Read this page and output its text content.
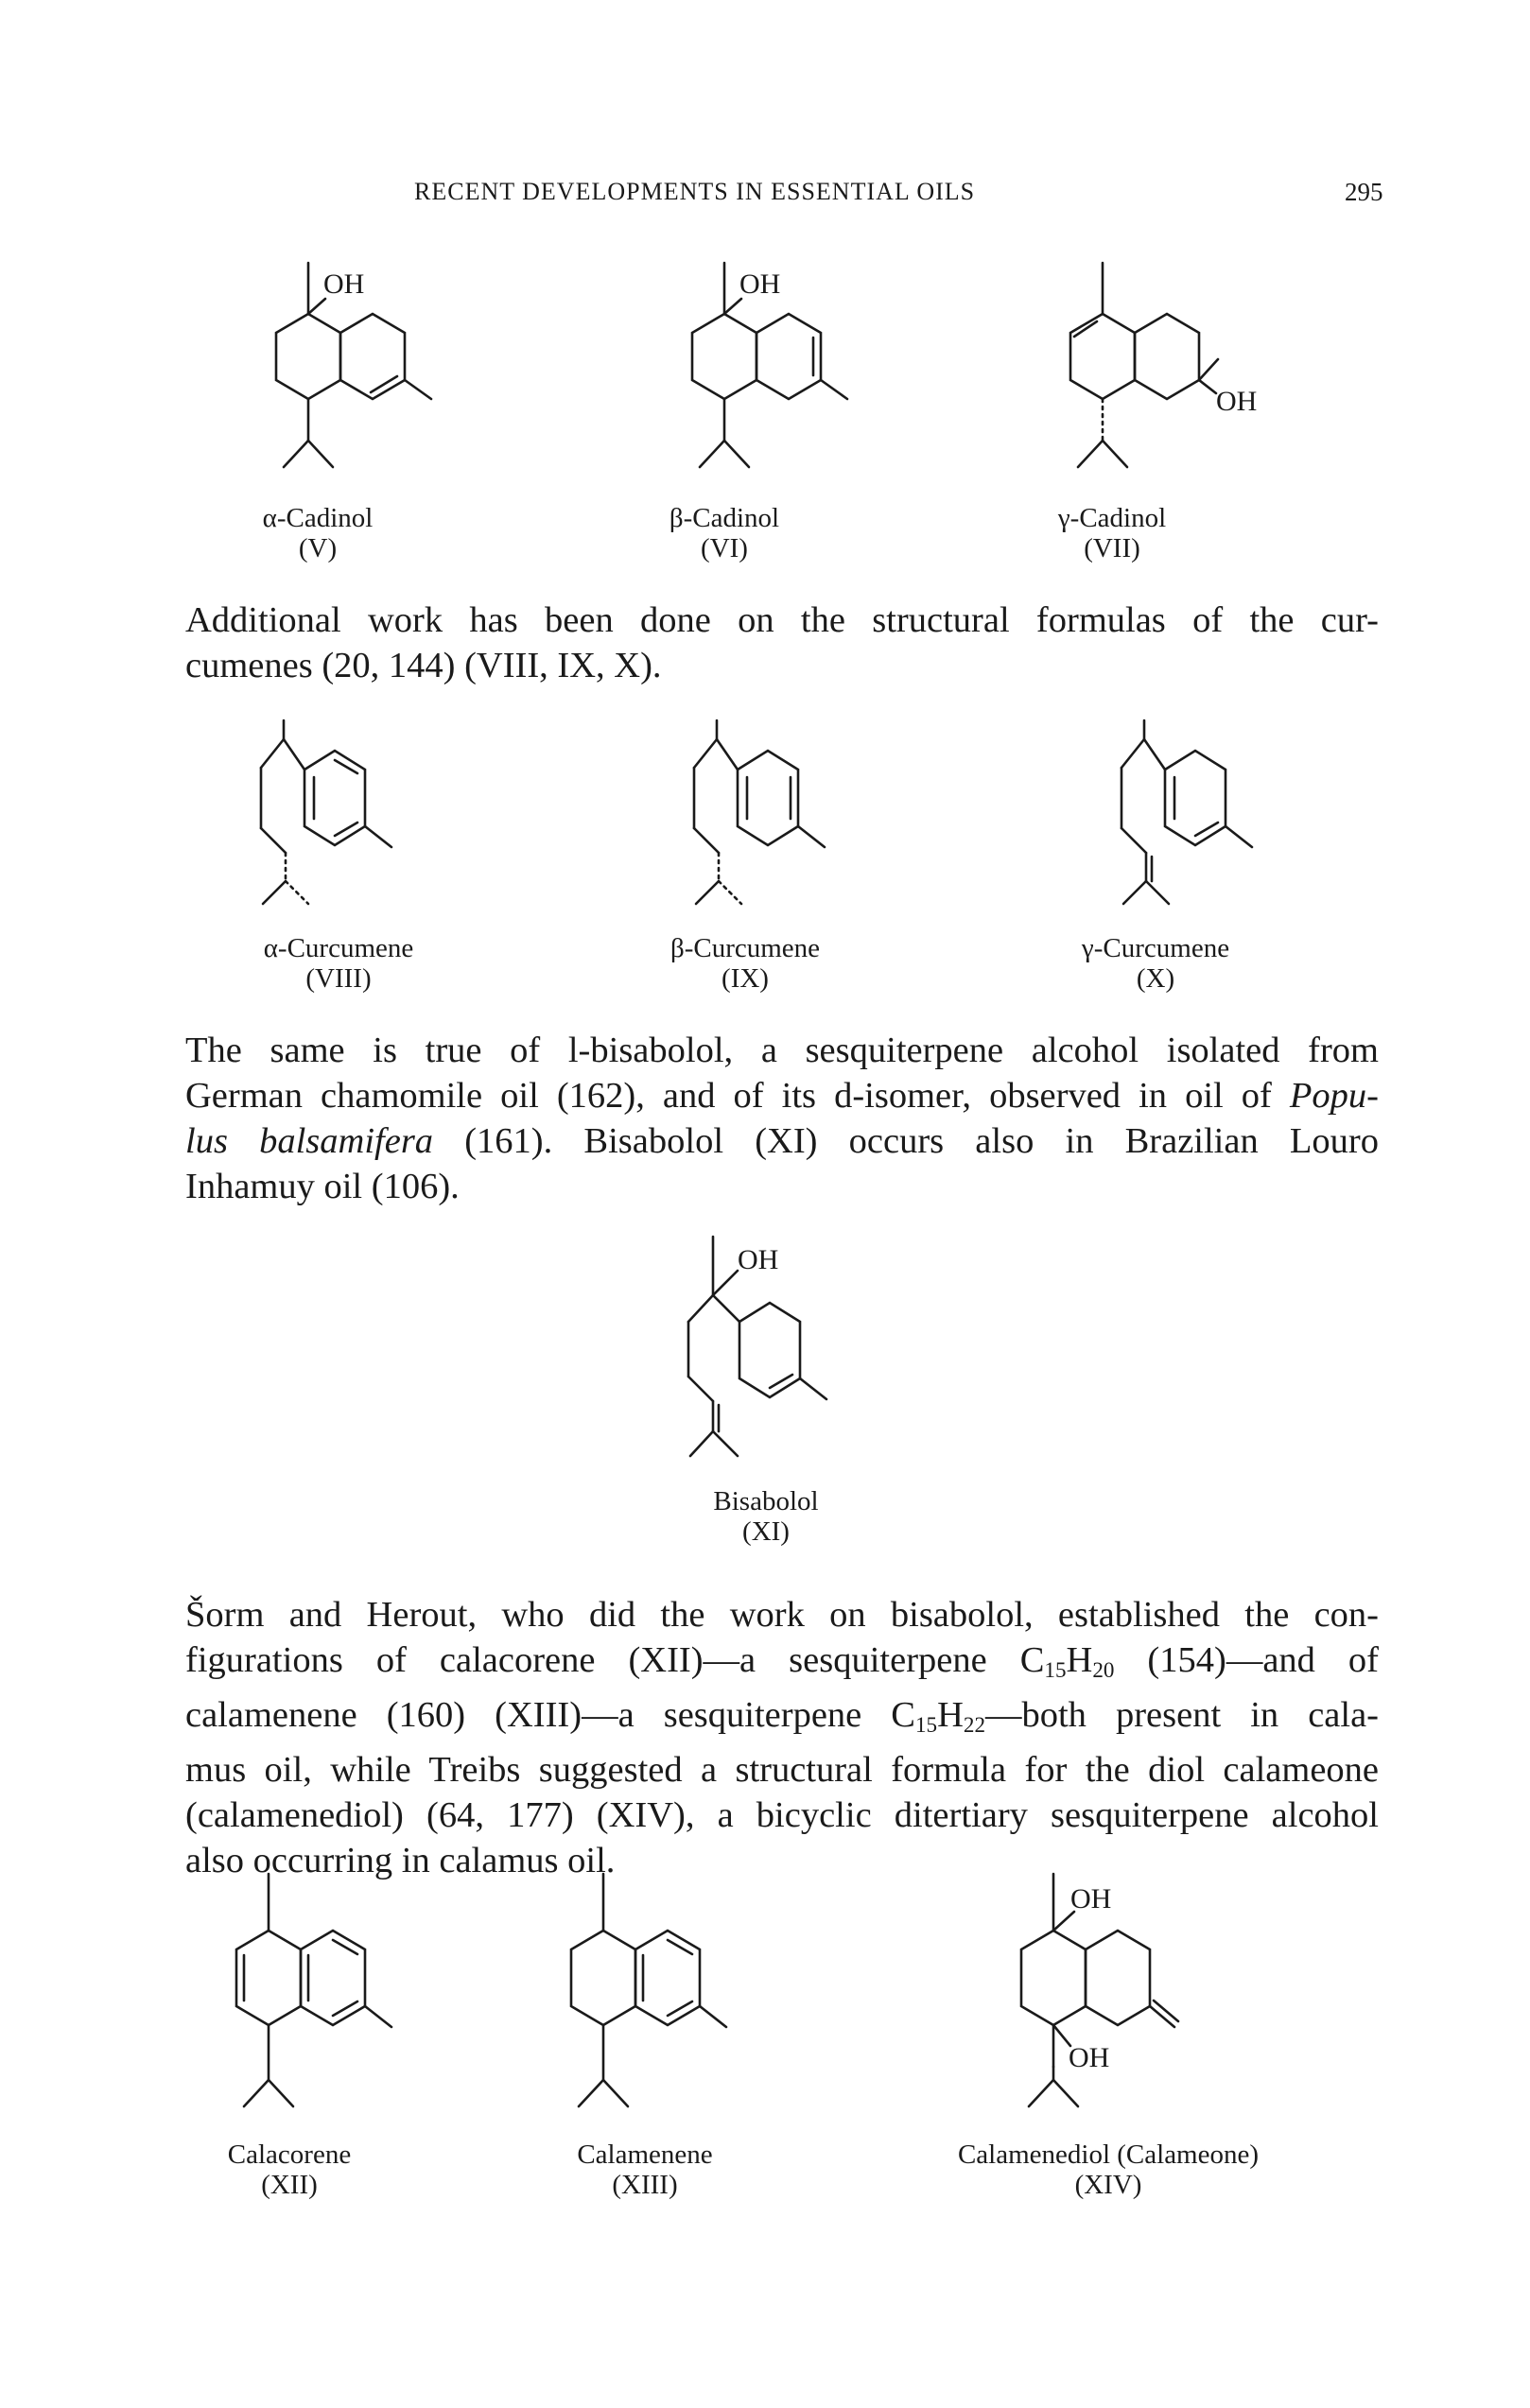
RECENT DEVELOPMENTS IN ESSENTIAL OILS	295
OH
α-Cadinol
(V)
OH
β-Cadinol
(VI)
OH
γ-Cadinol
(VII)
Additional work has been done on the structural formulas of the cur-
cumenes (20, 144) (VIII, IX, X).
α-Curcumene
(VIII)
β-Curcumene
(IX)
γ-Curcumene
(X)
The same is true of l-bisabolol, a sesquiterpene alcohol isolated from
German chamomile oil (162), and of its d-isomer, observed in oil of Popu-
lus balsamifera (161). Bisabolol (XI) occurs also in Brazilian Louro
Inhamuy oil (106).
OH
Bisabolol
(XI)
Šorm and Herout, who did the work on bisabolol, established the con-
figurations of calacorene (XII)—a sesquiterpene $C_{15}H_{20}$ (154)—and of
calamenene (160) (XIII)—a sesquiterpene $C_{15}H_{22}—both$ present in cala-
mus oil, while Treibs suggested a structural formula for the diol calameone
(calamenediol) (64, 177) (XIV), a bicyclic ditertiary sesquiterpene alcohol
also occurring in calamus oil.
Calacorene
(XII)
Calamenene
(XIII)
OH
OH
Calamenediol (Calameone)
(XIV)
